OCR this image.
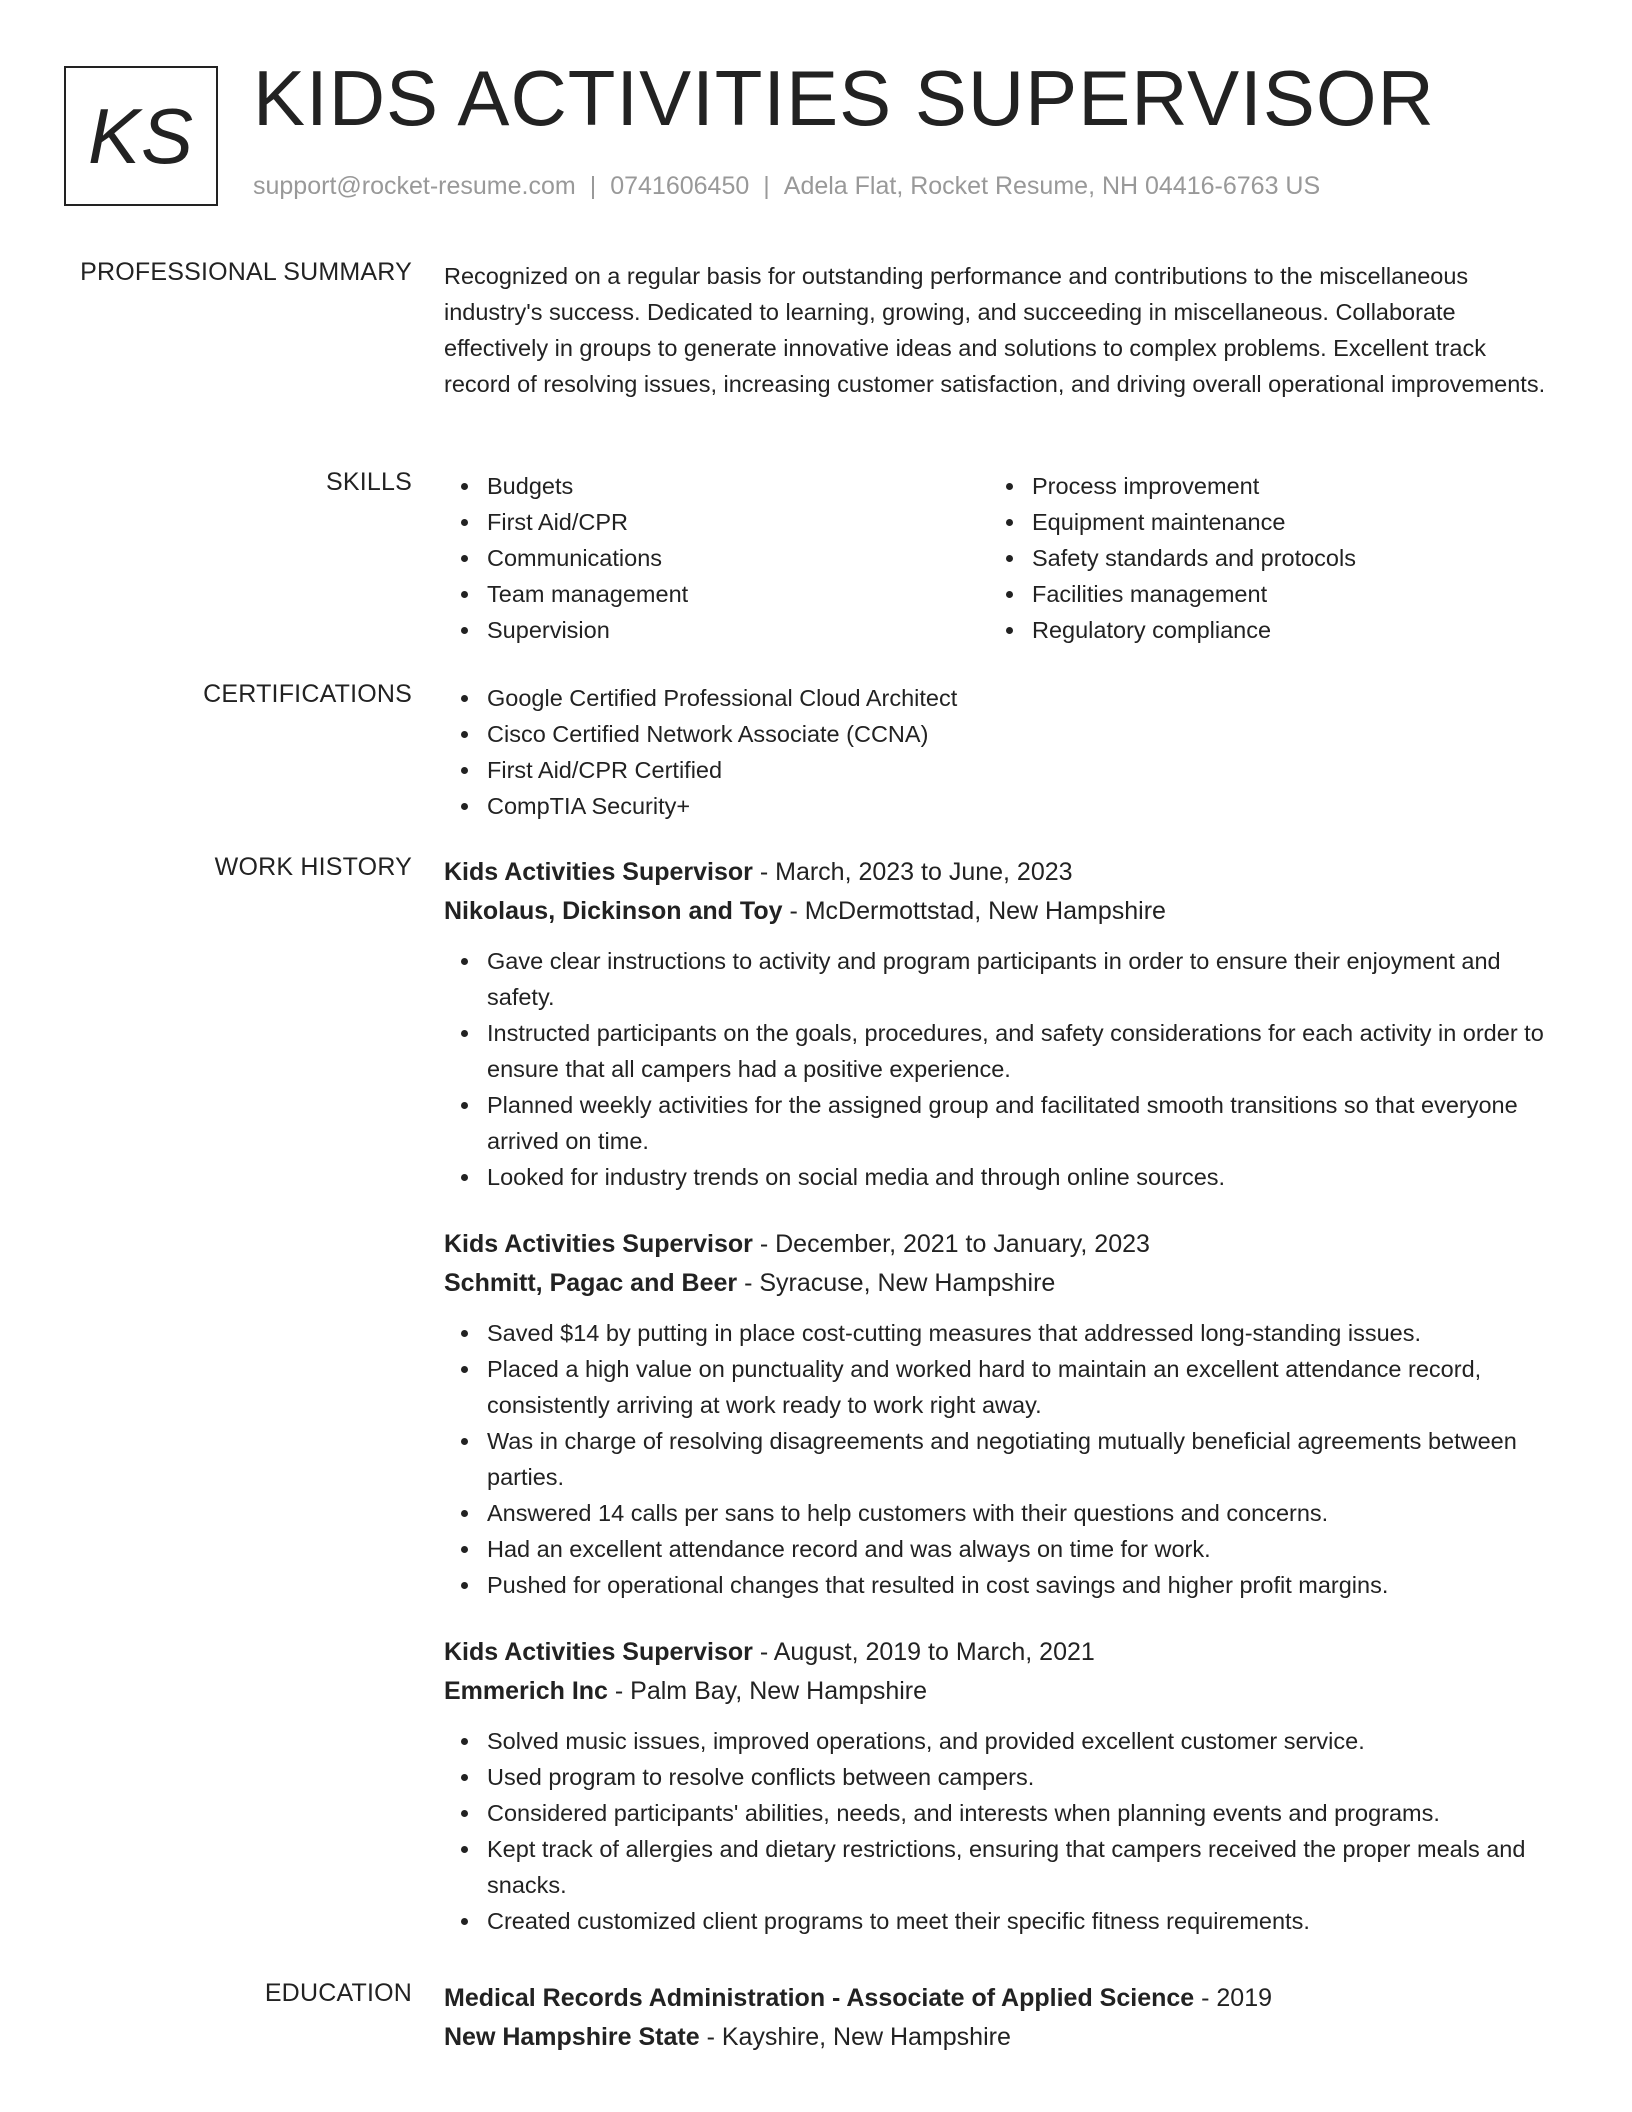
KS KIDS ACTIVITIES SUPERVISOR
support@rocket-resume.com | 0741606450 | Adela Flat, Rocket Resume, NH 04416-6763 US
PROFESSIONAL SUMMARY Recognized on a regular basis for outstanding performance and contributions to the miscellaneous industry's success. Dedicated to learning, growing, and succeeding in miscellaneous. Collaborate effectively in groups to generate innovative ideas and solutions to complex problems. Excellent track record of resolving issues, increasing customer satisfaction, and driving overall operational improvements.

SKILLS	Budgets
First Aid/CPR
Communications
Team management
Supervision
Process improvement
Equipment maintenance
Safety standards and protocols
Facilities management
Regulatory compliance
CERTIFICATIONS	Google Certified Professional Cloud Architect
Cisco Certified Network Associate (CCNA)
First Aid/CPR Certified
CompTIA Security+
WORK HISTORY Kids Activities Supervisor - March, 2023 to June, 2023
Nikolaus, Dickinson and Toy - McDermottstad, New Hampshire
Gave clear instructions to activity and program participants in order to ensure their enjoyment and safety.
Instructed participants on the goals, procedures, and safety considerations for each activity in order to ensure that all campers had a positive experience.
Planned weekly activities for the assigned group and facilitated smooth transitions so that everyone arrived on time.
Looked for industry trends on social media and through online sources.
Kids Activities Supervisor - December, 2021 to January, 2023
Schmitt, Pagac and Beer - Syracuse, New Hampshire
Saved $14 by putting in place cost-cutting measures that addressed long-standing issues.
Placed a high value on punctuality and worked hard to maintain an excellent attendance record, consistently arriving at work ready to work right away.
Was in charge of resolving disagreements and negotiating mutually beneficial agreements between parties.
Answered 14 calls per sans to help customers with their questions and concerns.
Had an excellent attendance record and was always on time for work.
Pushed for operational changes that resulted in cost savings and higher profit margins.
Kids Activities Supervisor - August, 2019 to March, 2021
Emmerich Inc - Palm Bay, New Hampshire
Solved music issues, improved operations, and provided excellent customer service.
Used program to resolve conflicts between campers.
Considered participants' abilities, needs, and interests when planning events and programs.
Kept track of allergies and dietary restrictions, ensuring that campers received the proper meals and snacks.
Created customized client programs to meet their specific fitness requirements.
EDUCATION Medical Records Administration - Associate of Applied Science - 2019
New Hampshire State - Kayshire, New Hampshire
